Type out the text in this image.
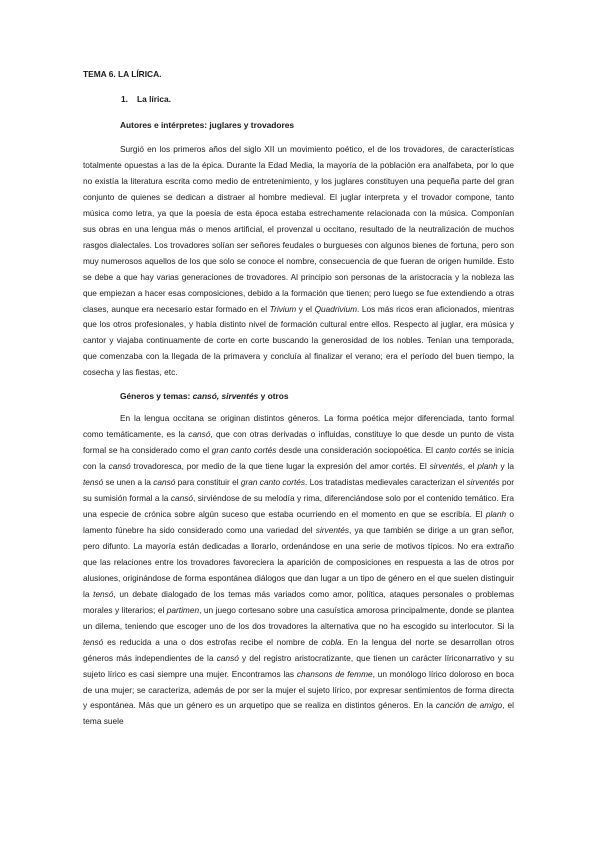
TEMA 6. LA LÍRICA.
1. La lírica.
Autores e intérpretes: juglares y trovadores

Surgió en los primeros años del siglo XII un movimiento poético, el de los trovadores, de características totalmente opuestas a las de la épica. Durante la Edad Media, la mayoría de la población era analfabeta, por lo que no existía la literatura escrita como medio de entretenimiento, y los juglares constituyen una pequeña parte del gran conjunto de quienes se dedican a distraer al hombre medieval. El juglar interpreta y el trovador compone, tanto música como letra, ya que la poesía de esta época estaba estrechamente relacionada con la música. Componían sus obras en una lengua más o menos artificial, el provenzal u occitano, resultado de la neutralización de muchos rasgos dialectales. Los trovadores solían ser señores feudales o burgueses con algunos bienes de fortuna, pero son muy numerosos aquellos de los que solo se conoce el nombre, consecuencia de que fueran de origen humilde. Esto se debe a que hay varias generaciones de trovadores. Al principio son personas de la aristocracia y la nobleza las que empiezan a hacer esas composiciones, debido a la formación que tienen; pero luego se fue extendiendo a otras clases, aunque era necesario estar formado en el Trivium y el Quadrivium. Los más ricos eran aficionados, mientras que los otros profesionales, y había distinto nivel de formación cultural entre ellos. Respecto al juglar, era música y cantor y viajaba continuamente de corte en corte buscando la generosidad de los nobles. Tenían una temporada, que comenzaba con la llegada de la primavera y concluía al finalizar el verano; era el período del buen tiempo, la cosecha y las fiestas, etc.

Géneros y temas: cansó, sirventés y otros

En la lengua occitana se originan distintos géneros. La forma poética mejor diferenciada, tanto formal como temáticamente, es la cansó, que con otras derivadas o influidas, constituye lo que desde un punto de vista formal se ha considerado como el gran canto cortés desde una consideración sociopoética. El canto cortés se inicia con la cansó trovadoresca, por medio de la que tiene lugar la expresión del amor cortés. El sirventés, el planh y la tensó se unen a la cansó para constituir el gran canto cortés. Los tratadistas medievales caracterizan el sirventés por su sumisión formal a la cansó, sirviéndose de su melodía y rima, diferenciándose solo por el contenido temático. Era una especie de crónica sobre algún suceso que estaba ocurriendo en el momento en que se escribía. El planh o lamento fúnebre ha sido considerado como una variedad del sirventés, ya que también se dirige a un gran señor, pero difunto. La mayoría están dedicadas a llorarlo, ordenándose en una serie de motivos típicos. No era extraño que las relaciones entre los trovadores favoreciera la aparición de composiciones en respuesta a las de otros por alusiones, originándose de forma espontánea diálogos que dan lugar a un tipo de género en el que suelen distinguir la tensó, un debate dialogado de los temas más variados como amor, política, ataques personales o problemas morales y literarios; el partimen, un juego cortesano sobre una casuística amorosa principalmente, donde se plantea un dilema, teniendo que escoger uno de los dos trovadores la alternativa que no ha escogido su interlocutor. Si la tensó es reducida a una o dos estrofas recibe el nombre de cobla. En la lengua del norte se desarrollan otros géneros más independientes de la cansó y del registro aristocratizante, que tienen un carácter líriconarrativo y su sujeto lírico es casi siempre una mujer. Encontramos las chansons de femme, un monólogo lírico doloroso en boca de una mujer; se caracteriza, además de por ser la mujer el sujeto lírico, por expresar sentimientos de forma directa y espontánea. Más que un género es un arquetipo que se realiza en distintos géneros. En la canción de amigo, el tema suele
